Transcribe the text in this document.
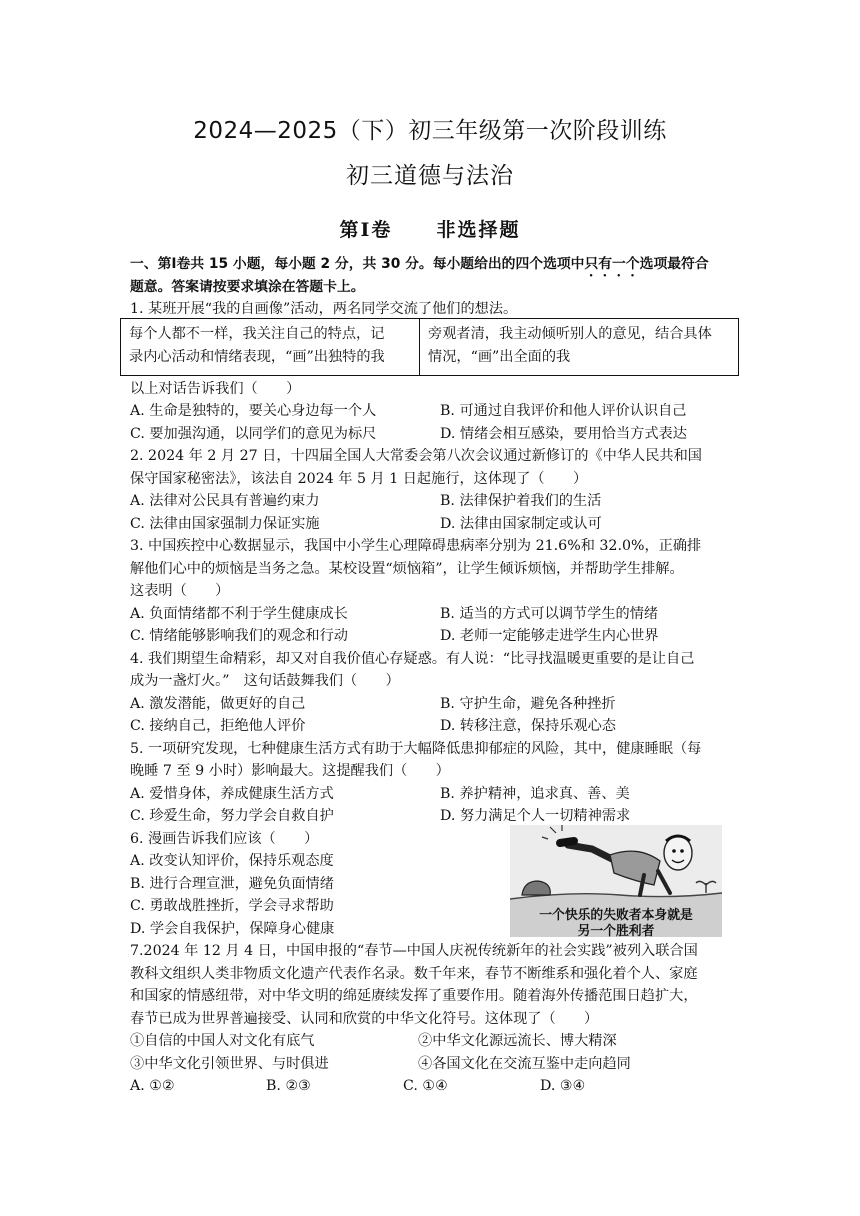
2024—2025（下）初三年级第一次阶段训练
初三道德与法治
第Ⅰ卷 非选择题
一、第Ⅰ卷共 15 小题，每小题 2 分，共 30 分。每小题给出的四个选项中只有一个选项最符合
题意。答案请按要求填涂在答题卡上。
1. 某班开展“我的自画像”活动，两名同学交流了他们的想法。
每个人都不一样，我关注自己的特点，记
录内心活动和情绪表现，“画”出独特的我
旁观者清，我主动倾听别人的意见，结合具体
情况，“画”出全面的我
以上对话告诉我们（　　）
A. 生命是独特的，要关心身边每一个人	B. 可通过自我评价和他人评价认识自己
C. 要加强沟通，以同学们的意见为标尺	D. 情绪会相互感染，要用恰当方式表达
2. 2024 年 2 月 27 日，十四届全国人大常委会第八次会议通过新修订的《中华人民共和国
保守国家秘密法》，该法自 2024 年 5 月 1 日起施行，这体现了（　　）
A. 法律对公民具有普遍约束力	B. 法律保护着我们的生活
C. 法律由国家强制力保证实施	D. 法律由国家制定或认可
3. 中国疾控中心数据显示，我国中小学生心理障碍患病率分别为 21.6%和 32.0%，正确排
解他们心中的烦恼是当务之急。某校设置“烦恼箱”，让学生倾诉烦恼，并帮助学生排解。
这表明（　　）
A. 负面情绪都不利于学生健康成长	B. 适当的方式可以调节学生的情绪
C. 情绪能够影响我们的观念和行动	D. 老师一定能够走进学生内心世界
4. 我们期望生命精彩，却又对自我价值心存疑惑。有人说：“比寻找温暖更重要的是让自己
成为一盏灯火。”　这句话鼓舞我们（　　）
A. 激发潜能，做更好的自己	B. 守护生命，避免各种挫折
C. 接纳自己，拒绝他人评价	D. 转移注意，保持乐观心态
5. 一项研究发现，七种健康生活方式有助于大幅降低患抑郁症的风险，其中，健康睡眠（每
晚睡 7 至 9 小时）影响最大。这提醒我们（　　）
A. 爱惜身体，养成健康生活方式	B. 养护精神，追求真、善、美
C. 珍爱生命，努力学会自救自护	D. 努力满足个人一切精神需求
6. 漫画告诉我们应该（　　）
A. 改变认知评价，保持乐观态度
B. 进行合理宣泄，避免负面情绪
C. 勇敢战胜挫折，学会寻求帮助
D. 学会自我保护，保障身心健康
一个快乐的失败者本身就是
另一个胜利者
7.2024 年 12 月 4 日，中国申报的“春节—中国人庆祝传统新年的社会实践”被列入联合国
教科文组织人类非物质文化遗产代表作名录。数千年来，春节不断维系和强化着个人、家庭
和国家的情感纽带，对中华文明的绵延赓续发挥了重要作用。随着海外传播范围日趋扩大，
春节已成为世界普遍接受、认同和欣赏的中华文化符号。这体现了（　　）
①自信的中国人对文化有底气	②中华文化源远流长、博大精深
③中华文化引领世界、与时俱进	④各国文化在交流互鉴中走向趋同
A. ①②	B. ②③	C. ①④	D. ③④
